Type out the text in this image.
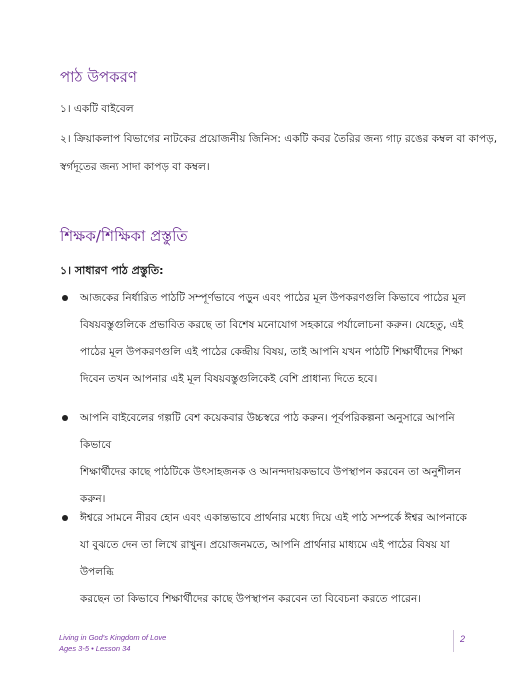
পাঠ উপকরণ

১। একটি বাইবেল

২। ক্রিয়াকলাপ বিভাগের নাটকের প্রয়োজনীয় জিনিস: একটি কবর তৈরির জন্য গাঢ় রঙের কম্বল বা কাপড়,

স্বর্গদূতের জন্য সাদা কাপড় বা কম্বল।

শিক্ষক/শিক্ষিকা প্রস্তুতি

১। সাধারণ পাঠ প্রস্তুতি:

আজকের নির্ধারিত পাঠটি সম্পূর্ণভাবে পড়ুন এবং পাঠের মূল উপকরণগুলি কিভাবে পাঠের মূল
বিষয়বস্তুগুলিকে প্রভাবিত করছে তা বিশেষ মনোযোগ সহকারে পর্যালোচনা করুন। যেহেতু, এই
পাঠের মূল উপকরণগুলি এই পাঠের কেন্দ্রীয় বিষয়, তাই আপনি যখন পাঠটি শিক্ষার্থীদের শিক্ষা
দিবেন তখন আপনার এই মূল বিষয়বস্তুগুলিকেই বেশি প্রাধান্য দিতে হবে।
আপনি বাইবেলের গল্পটি বেশ কয়েকবার উচ্চস্বরে পাঠ করুন। পূর্বপরিকল্পনা অনুসারে আপনি কিভাবে
শিক্ষার্থীদের কাছে পাঠটিকে উৎসাহজনক ও আনন্দদায়কভাবে উপস্থাপন করবেন তা অনুশীলন
করুন।
ঈশ্বরে সামনে নীরব হোন এবং একান্তভাবে প্রার্থনার মধ্যে দিয়ে এই পাঠ সম্পর্কে ঈশ্বর আপনাকে
যা বুঝতে দেন তা লিখে রাখুন। প্রয়োজনমতে, আপনি প্রার্থনার মাধ্যমে এই পাঠের বিষয় যা উপলব্ধি
করছেন তা কিভাবে শিক্ষার্থীদের কাছে উপস্থাপন করবেন তা বিবেচনা করতে পারেন।
Living in God's Kingdom of Love
Ages 3-5 • Lesson 34
2
